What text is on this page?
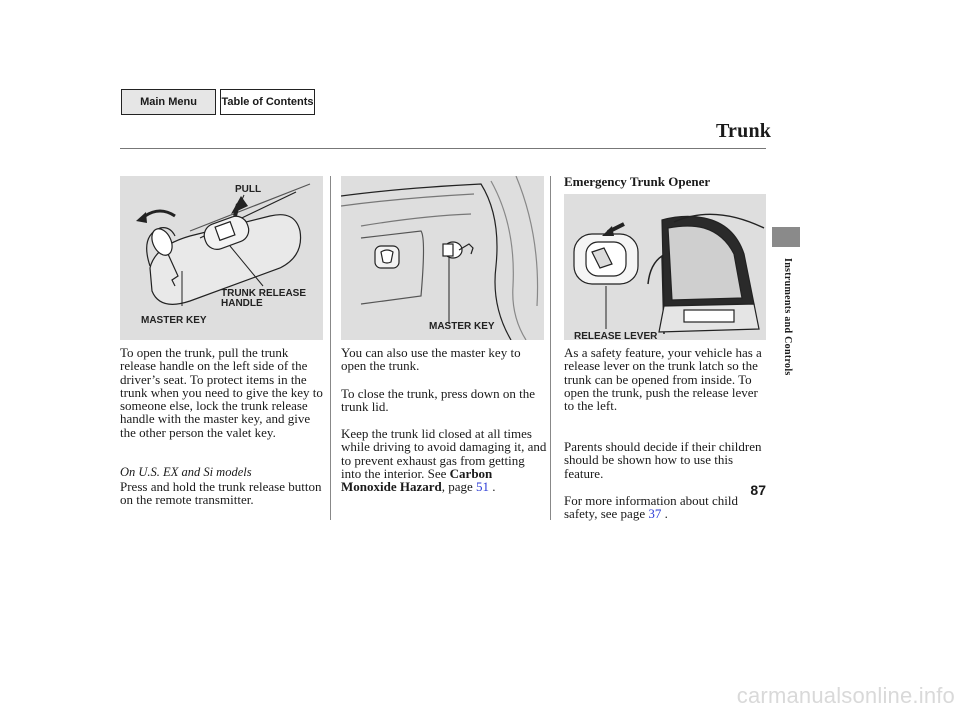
Main Menu	Table of Contents
Trunk
PULL
TRUNK RELEASE
HANDLE
MASTER KEY
MASTER KEY
RELEASE LEVER
To open the trunk, pull the trunk release handle on the left side of the driver’s seat. To protect items in the trunk when you need to give the key to someone else, lock the trunk release handle with the master key, and give the other person the valet key.
On U.S. EX and Si models
Press and hold the trunk release button on the remote transmitter.
You can also use the master key to open the trunk.
To close the trunk, press down on the trunk lid.
Keep the trunk lid closed at all times while driving to avoid damaging it, and to prevent exhaust gas from getting into the interior. See Carbon
Monoxide Hazard, page 51 .
Emergency Trunk Opener
As a safety feature, your vehicle has a release lever on the trunk latch so the trunk can be opened from inside. To open the trunk, push the release lever to the left.
Parents should decide if their children should be shown how to use this feature.
For more information about child safety, see page 37 .
Instruments and Controls
87
carmanualsonline.info
